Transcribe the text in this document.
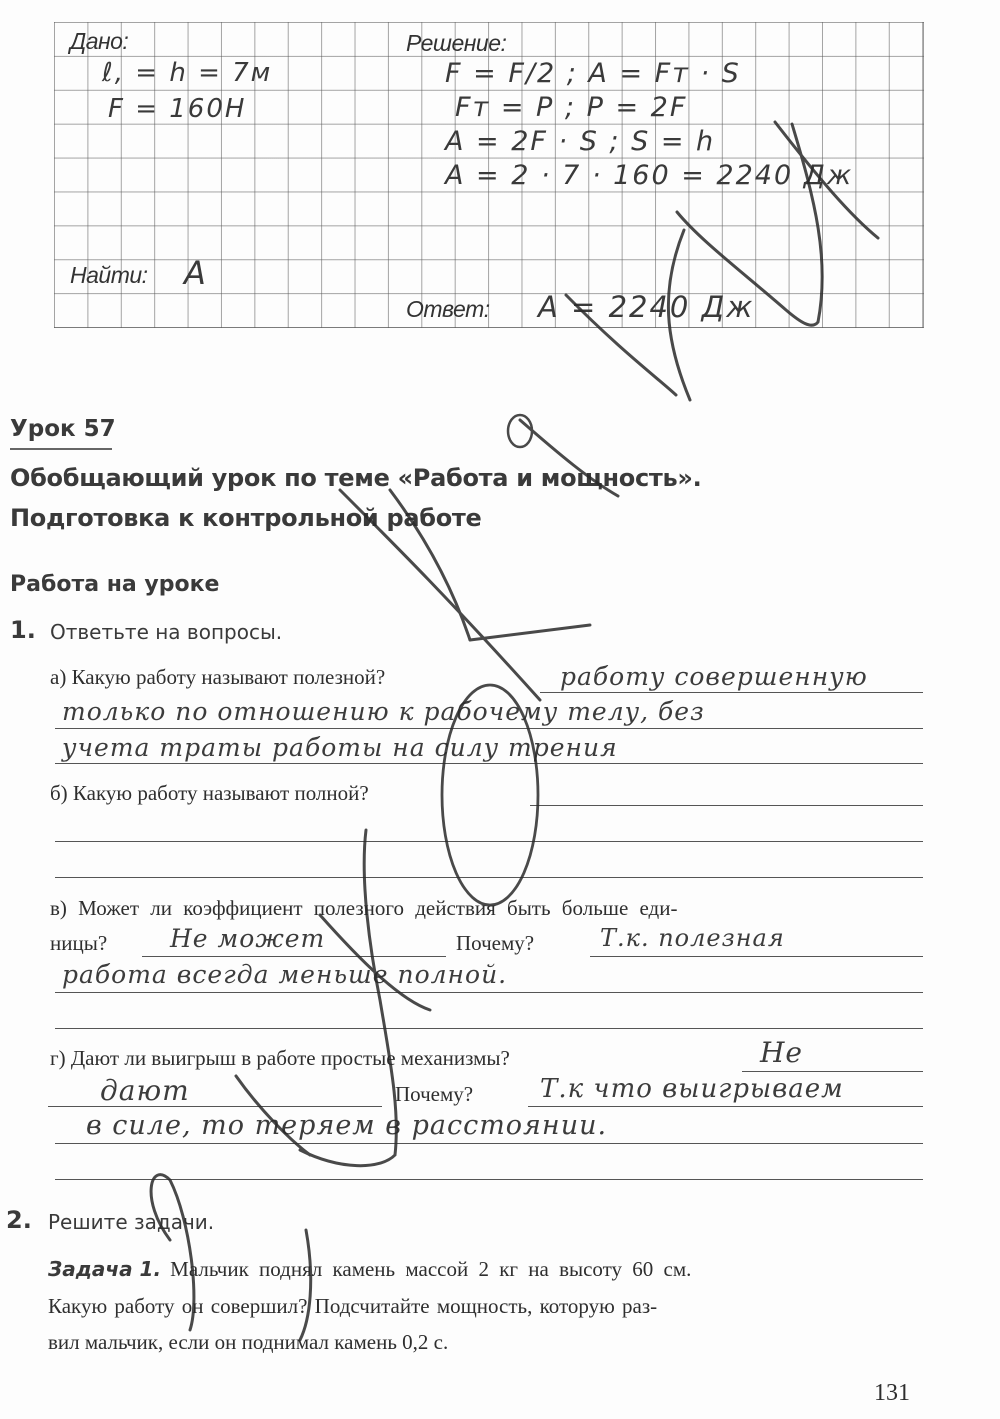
Дано:
ℓ, = h = 7м
F = 160Н
Найти: A
Решение:
F = F/2 ; A = Fт · S
Fт = P ; P = 2F
A = 2F · S ; S = h
A = 2 · 7 · 160 = 2240 Дж
Ответ: A = 2240 Дж
Урок 57
Обобщающий урок по теме «Работа и мощность».
Подготовка к контрольной работе
Работа на уроке
1. Ответьте на вопросы.
а) Какую работу называют полезной?	работу совершенную
только по отношению к рабочему телу, без
учета траты работы на силу трения
б) Какую работу называют полной?
в) Может ли коэффициент полезного действия быть больше еди-
ницы?	Не может	Почему?	Т.к. полезная
работа всегда меньше полной.
г) Дают ли выигрыш в работе простые механизмы?	Не
дают	Почему?	Т.к что выигрываем
в силе, то теряем в расстоянии.
2. Решите задачи.
Задача 1. Мальчик поднял камень массой 2 кг на высоту 60 см.
Какую работу он совершил? Подсчитайте мощность, которую раз-
вил мальчик, если он поднимал камень 0,2 с.
131
